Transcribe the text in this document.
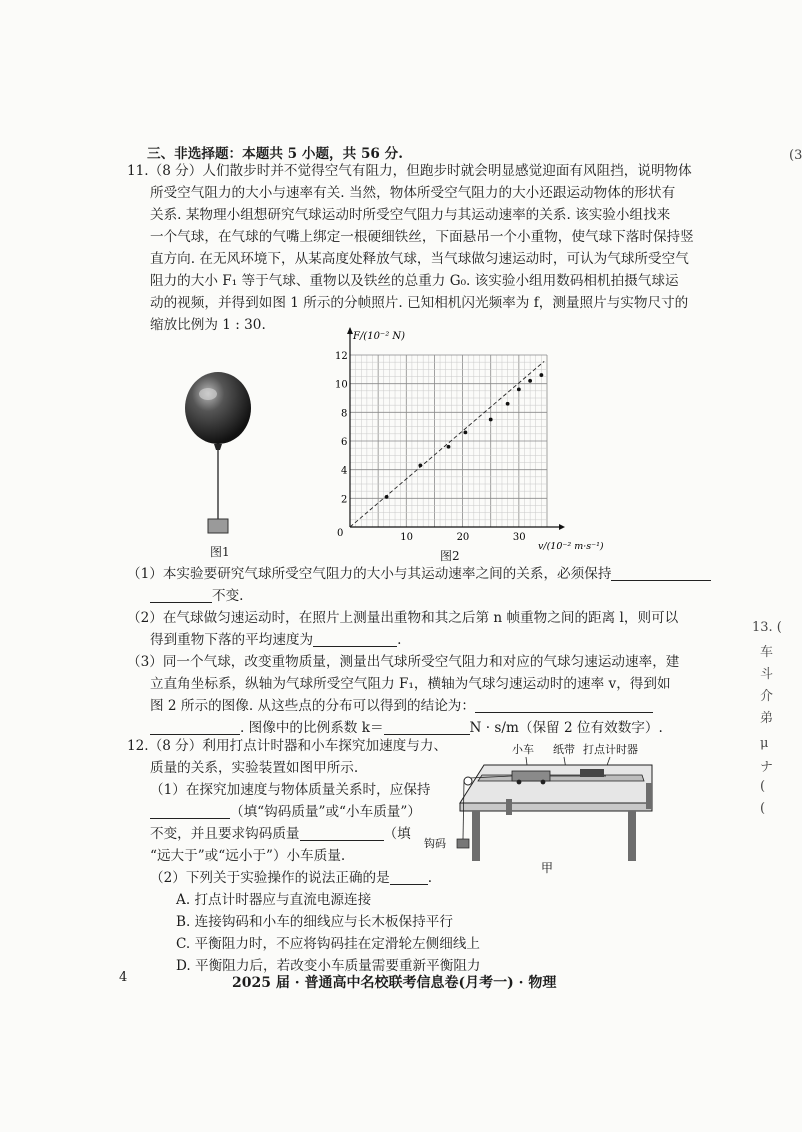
三、非选择题：本题共 5 小题，共 56 分.
11.（8 分）人们散步时并不觉得空气有阻力，但跑步时就会明显感觉迎面有风阻挡，说明物体
所受空气阻力的大小与速率有关. 当然，物体所受空气阻力的大小还跟运动物体的形状有
关系. 某物理小组想研究气球运动时所受空气阻力与其运动速率的关系. 该实验小组找来
一个气球，在气球的气嘴上绑定一根硬细铁丝，下面悬吊一个小重物，使气球下落时保持竖
直方向. 在无风环境下，从某高度处释放气球，当气球做匀速运动时，可认为气球所受空气
阻力的大小 F₁ 等于气球、重物以及铁丝的总重力 G₀. 该实验小组用数码相机拍摄气球运
动的视频，并得到如图 1 所示的分帧照片. 已知相机闪光频率为 f，测量照片与实物尺寸的
缩放比例为 1 : 30.
图1
10	20	30
2
4
6
8
10
12
F/(10⁻² N)
v/(10⁻² m·s⁻¹)
0
图2
（1）本实验要研究气球所受空气阻力的大小与其运动速率之间的关系，必须保持
不变.
（2）在气球做匀速运动时，在照片上测量出重物和其之后第 n 帧重物之间的距离 l，则可以
得到重物下落的平均速度为	.
（3）同一个气球，改变重物质量，测量出气球所受空气阻力和对应的气球匀速运动速率，建
立直角坐标系，纵轴为气球所受空气阻力 F₁，横轴为气球匀速运动时的速率 v，得到如
图 2 所示的图像. 从这些点的分布可以得到的结论为：
. 图像中的比例系数 k＝	N · s/m（保留 2 位有效数字）.
12.（8 分）利用打点计时器和小车探究加速度与力、
质量的关系，实验装置如图甲所示.
（1）在探究加速度与物体质量关系时，应保持
（填“钩码质量”或“小车质量”）
不变，并且要求钩码质量	（填
“远大于”或“远小于”）小车质量.
（2）下列关于实验操作的说法正确的是	.
A. 打点计时器应与直流电源连接
B. 连接钩码和小车的细线应与长木板保持平行
C. 平衡阻力时，不应将钩码挂在定滑轮左侧细线上
D. 平衡阻力后，若改变小车质量需要重新平衡阻力
小车 纸带 打点计时器
钩码
甲
(3
13. (
车
斗
介
弟
μ
ナ
(
(
4	2025 届 · 普通高中名校联考信息卷(月考一) · 物理
